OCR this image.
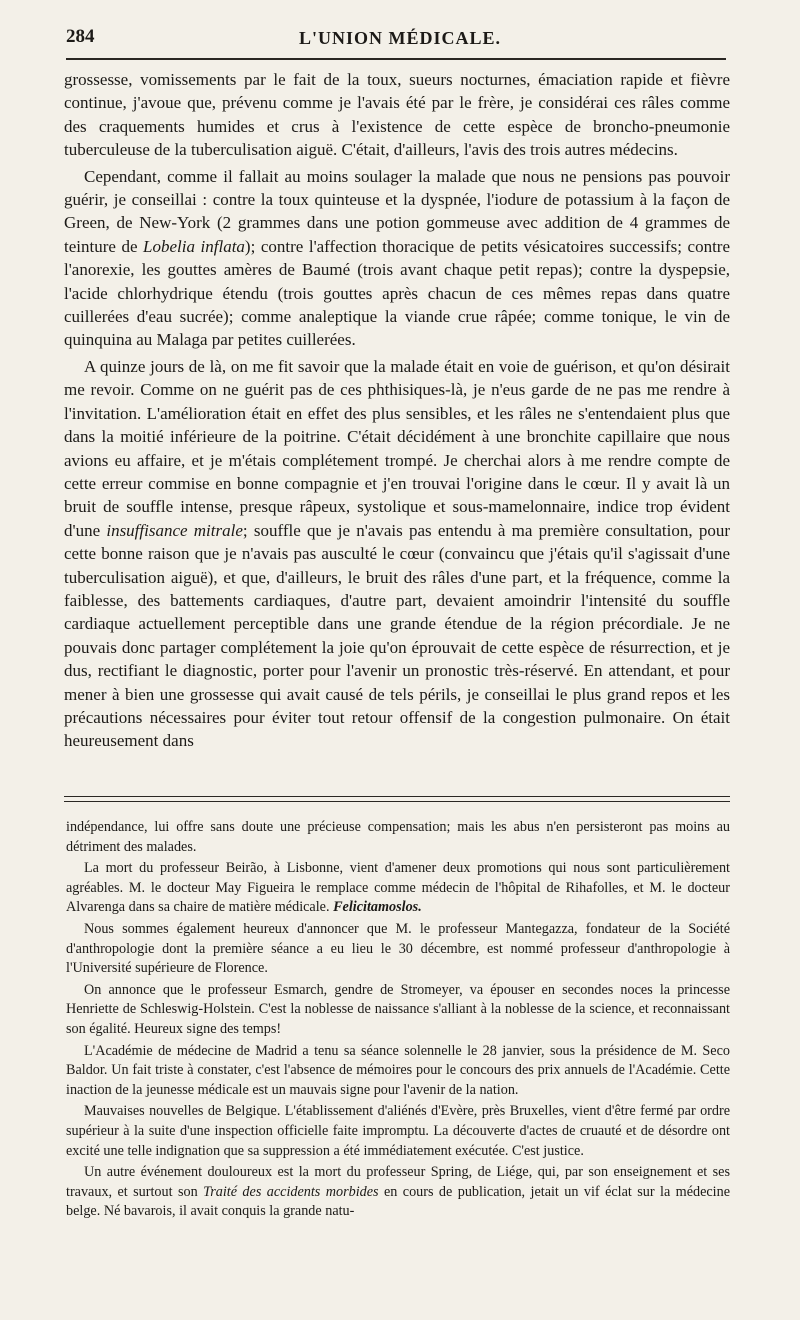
284	L'UNION MÉDICALE.

grossesse, vomissements par le fait de la toux, sueurs nocturnes, émaciation rapide et fièvre continue, j'avoue que, prévenu comme je l'avais été par le frère, je considérai ces râles comme des craquements humides et crus à l'existence de cette espèce de broncho-pneumonie tuberculeuse de la tuberculisation aiguë. C'était, d'ailleurs, l'avis des trois autres médecins.

Cependant, comme il fallait au moins soulager la malade que nous ne pensions pas pouvoir guérir, je conseillai : contre la toux quinteuse et la dyspnée, l'iodure de potassium à la façon de Green, de New-York (2 grammes dans une potion gommeuse avec addition de 4 grammes de teinture de Lobelia inflata); contre l'affection thoracique de petits vésicatoires successifs; contre l'anorexie, les gouttes amères de Baumé (trois avant chaque petit repas); contre la dyspepsie, l'acide chlorhydrique étendu (trois gouttes après chacun de ces mêmes repas dans quatre cuillerées d'eau sucrée); comme analeptique la viande crue râpée; comme tonique, le vin de quinquina au Malaga par petites cuillerées.

A quinze jours de là, on me fit savoir que la malade était en voie de guérison, et qu'on désirait me revoir. Comme on ne guérit pas de ces phthisiques-là, je n'eus garde de ne pas me rendre à l'invitation. L'amélioration était en effet des plus sensibles, et les râles ne s'entendaient plus que dans la moitié inférieure de la poitrine. C'était décidément à une bronchite capillaire que nous avions eu affaire, et je m'étais complétement trompé. Je cherchai alors à me rendre compte de cette erreur commise en bonne compagnie et j'en trouvai l'origine dans le cœur. Il y avait là un bruit de souffle intense, presque râpeux, systolique et sous-mamelonnaire, indice trop évident d'une insuffisance mitrale; souffle que je n'avais pas entendu à ma première consultation, pour cette bonne raison que je n'avais pas ausculté le cœur (convaincu que j'étais qu'il s'agissait d'une tuberculisation aiguë), et que, d'ailleurs, le bruit des râles d'une part, et la fréquence, comme la faiblesse, des battements cardiaques, d'autre part, devaient amoindrir l'intensité du souffle cardiaque actuellement perceptible dans une grande étendue de la région précordiale. Je ne pouvais donc partager complétement la joie qu'on éprouvait de cette espèce de résurrection, et je dus, rectifiant le diagnostic, porter pour l'avenir un pronostic très-réservé. En attendant, et pour mener à bien une grossesse qui avait causé de tels périls, je conseillai le plus grand repos et les précautions nécessaires pour éviter tout retour offensif de la congestion pulmonaire. On était heureusement dans

indépendance, lui offre sans doute une précieuse compensation; mais les abus n'en persisteront pas moins au détriment des malades.

La mort du professeur Beirão, à Lisbonne, vient d'amener deux promotions qui nous sont particulièrement agréables. M. le docteur May Figueira le remplace comme médecin de l'hôpital de Rihafolles, et M. le docteur Alvarenga dans sa chaire de matière médicale. Felicitamoslos.

Nous sommes également heureux d'annoncer que M. le professeur Mantegazza, fondateur de la Société d'anthropologie dont la première séance a eu lieu le 30 décembre, est nommé professeur d'anthropologie à l'Université supérieure de Florence.

On annonce que le professeur Esmarch, gendre de Stromeyer, va épouser en secondes noces la princesse Henriette de Schleswig-Holstein. C'est la noblesse de naissance s'alliant à la noblesse de la science, et reconnaissant son égalité. Heureux signe des temps!

L'Académie de médecine de Madrid a tenu sa séance solennelle le 28 janvier, sous la présidence de M. Seco Baldor. Un fait triste à constater, c'est l'absence de mémoires pour le concours des prix annuels de l'Académie. Cette inaction de la jeunesse médicale est un mauvais signe pour l'avenir de la nation.

Mauvaises nouvelles de Belgique. L'établissement d'aliénés d'Evère, près Bruxelles, vient d'être fermé par ordre supérieur à la suite d'une inspection officielle faite impromptu. La découverte d'actes de cruauté et de désordre ont excité une telle indignation que sa suppression a été immédiatement exécutée. C'est justice.

Un autre événement douloureux est la mort du professeur Spring, de Liége, qui, par son enseignement et ses travaux, et surtout son Traité des accidents morbides en cours de publication, jetait un vif éclat sur la médecine belge. Né bavarois, il avait conquis la grande natu-
